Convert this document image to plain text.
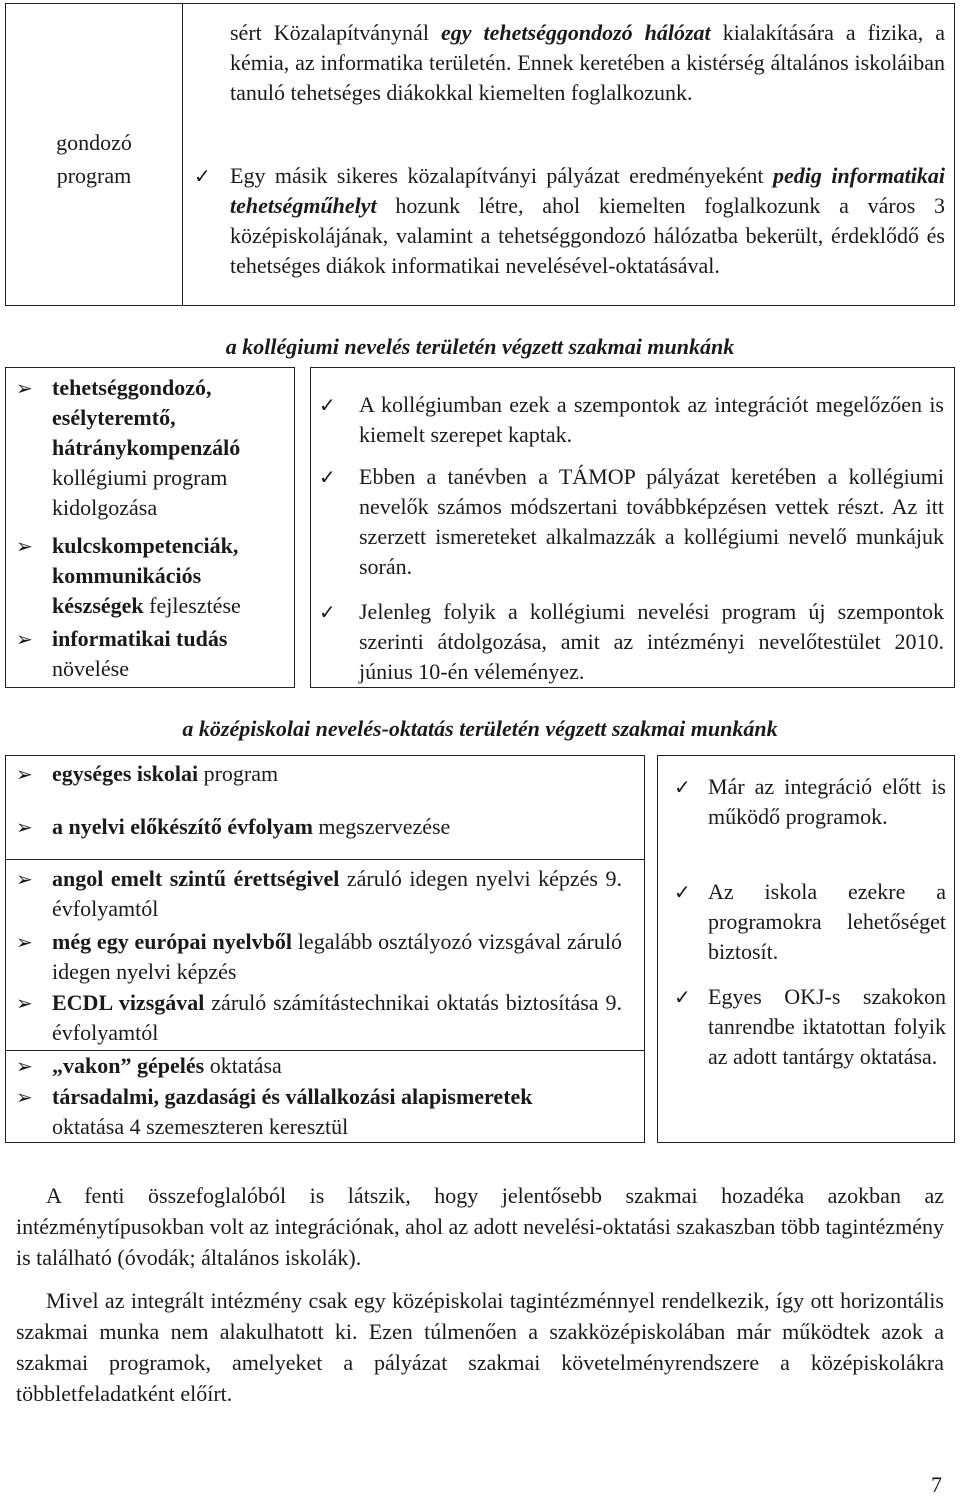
gondozó
program
sért Közalapítványnál egy tehetséggondozó hálózat kialakítására a fizika, a kémia, az informatika területén. Ennek keretében a kistérség általános iskoláiban tanuló tehetséges diákokkal kiemelten foglalkozunk.
✓ Egy másik sikeres közalapítványi pályázat eredményeként pedig informatikai tehetségműhelyt hozunk létre, ahol kiemelten foglalkozunk a város 3 középiskolájának, valamint a tehetséggondozó hálózatba bekerült, érdeklődő és tehetséges diákok informatikai nevelésével-oktatásával.
a kollégiumi nevelés területén végzett szakmai munkánk
➢ tehetséggondozó, esélyteremtő, hátránykompenzáló kollégiumi program kidolgozása
➢ kulcskompetenciák, kommunikációs készségek fejlesztése
➢ informatikai tudás növelése
✓ A kollégiumban ezek a szempontok az integrációt megelőzően is kiemelt szerepet kaptak.
✓ Ebben a tanévben a TÁMOP pályázat keretében a kollégiumi nevelők számos módszertani továbbképzésen vettek részt. Az itt szerzett ismereteket alkalmazzák a kollégiumi nevelő munkájuk során.
✓ Jelenleg folyik a kollégiumi nevelési program új szempontok szerinti átdolgozása, amit az intézményi nevelőtestület 2010. június 10-én véleményez.
a középiskolai nevelés-oktatás területén végzett szakmai munkánk
➢ egységes iskolai program
➢ a nyelvi előkészítő évfolyam megszervezése
➢ angol emelt szintű érettségivel záruló idegen nyelvi képzés 9. évfolyamtól
➢ még egy európai nyelvből legalább osztályozó vizsgával záruló idegen nyelvi képzés
➢ ECDL vizsgával záruló számítástechnikai oktatás biztosítása 9. évfolyamtól
➢ „vakon” gépelés oktatása
➢ társadalmi, gazdasági és vállalkozási alapismeretek
oktatása 4 szemeszteren keresztül
✓ Már az integráció előtt is működő programok.
✓ Az iskola ezekre a programokra lehetőséget biztosít.
✓ Egyes OKJ-s szakokon tanrendbe iktatottan folyik az adott tantárgy oktatása.

A fenti összefoglalóból is látszik, hogy jelentősebb szakmai hozadéka azokban az intézménytípusokban volt az integrációnak, ahol az adott nevelési-oktatási szakaszban több tagintézmény is található (óvodák; általános iskolák).

Mivel az integrált intézmény csak egy középiskolai tagintézménnyel rendelkezik, így ott horizontális szakmai munka nem alakulhatott ki. Ezen túlmenően a szakközépiskolában már működtek azok a szakmai programok, amelyeket a pályázat szakmai követelményrendszere a középiskolákra többletfeladatként előírt.

7
